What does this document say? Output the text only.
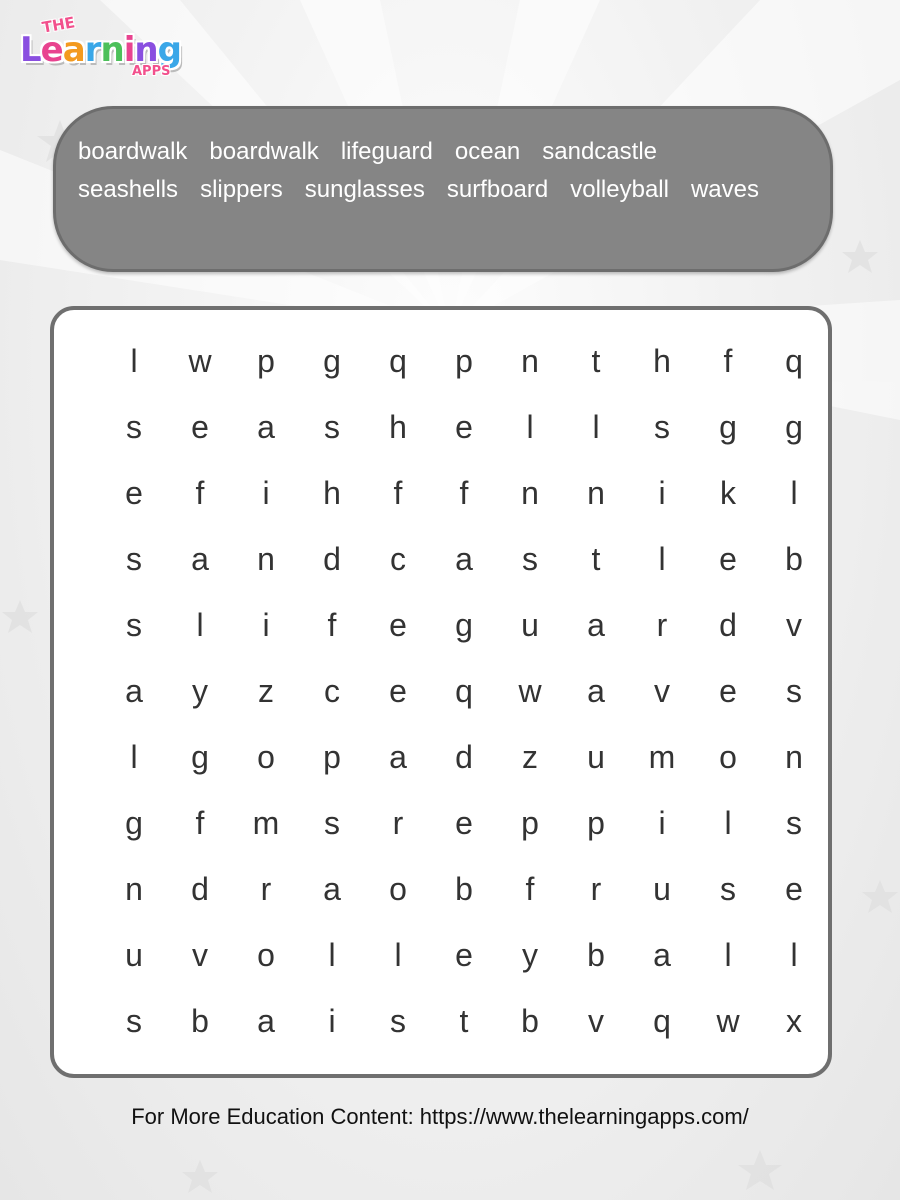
THE
Learning
APPS
boardwalk boardwalk lifeguard ocean sandcastle
seashells slippers sunglasses surfboard volleyball waves
l	w	p	g	q	p	n	t	h	f	q
s	e	a	s	h	e	l	l	s	g	g
e	f	i	h	f	f	n	n	i	k	l
s	a	n	d	c	a	s	t	l	e	b
s	l	i	f	e	g	u	a	r	d	v
a	y	z	c	e	q	w	a	v	e	s
l	g	o	p	a	d	z	u	m	o	n
g	f	m	s	r	e	p	p	i	l	s
n	d	r	a	o	b	f	r	u	s	e
u	v	o	l	l	e	y	b	a	l	l
s	b	a	i	s	t	b	v	q	w	x
For More Education Content: https://www.thelearningapps.com/
